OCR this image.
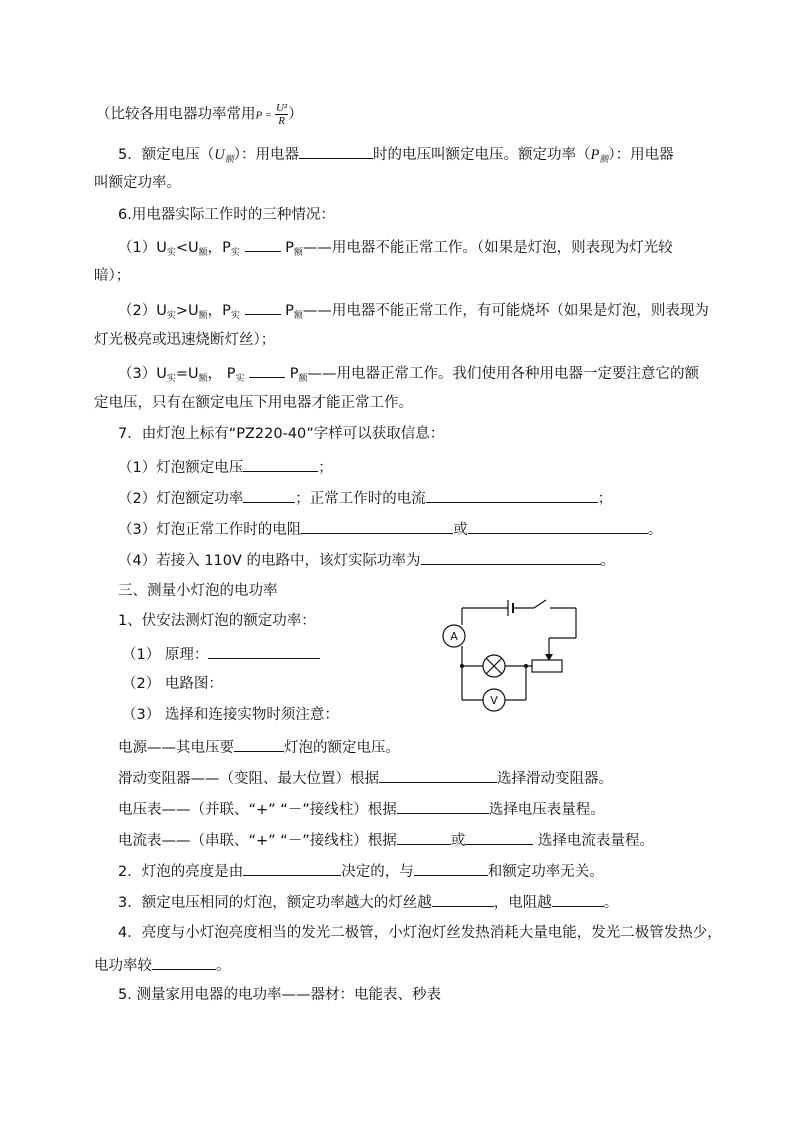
（比较各用电器功率常用$P = \frac{\text{U²}}{R}$ ）
5．额定电压$(U_额)$：用电器	时的电压叫额定电压。额定功率$(P_额)$：用电器
叫额定功率。
6.用电器实际工作时的三种情况：
$(1)U_实<U_额$，$P_实$	$P_额——$用电器不能正常工作。（如果是灯泡，则表现为灯光较
暗）；
$(2)U_实>U_额$，$P_实$	$P_额——$用电器不能正常工作，有可能烧坏（如果是灯泡，则表现为
灯光极亮或迅速烧断灯丝）；
$(3)U_实=U_额$， $P_实$	$P_额——$用电器正常工作。我们使用各种用电器一定要注意它的额
定电压，只有在额定电压下用电器才能正常工作。
7．由灯泡上标有“PZ220-40”字样可以获取信息：
（1）灯泡额定电压	；
（2）灯泡额定功率	；正常工作时的电流	；
（3）灯泡正常工作时的电阻	或	。
（4）若接入 110V 的电路中，该灯实际功率为	。
三、测量小灯泡的电功率
1、伏安法测灯泡的额定功率：
（1） 原理：
（2） 电路图：
（3） 选择和连接实物时须注意：
A
V
电源——其电压要	灯泡的额定电压。
滑动变阻器——（变阻、最大位置）根据	选择滑动变阻器。
电压表——（并联、“+” “－”接线柱）根据	选择电压表量程。
电流表——（串联、“+” “－”接线柱）根据	或	选择电流表量程。
2．灯泡的亮度是由	决定的，与	和额定功率无关。
3．额定电压相同的灯泡，额定功率越大的灯丝越	，电阻越	。
4．亮度与小灯泡亮度相当的发光二极管，小灯泡灯丝发热消耗大量电能，发光二极管发热少，
电功率较	。
5. 测量家用电器的电功率——器材：电能表、秒表
